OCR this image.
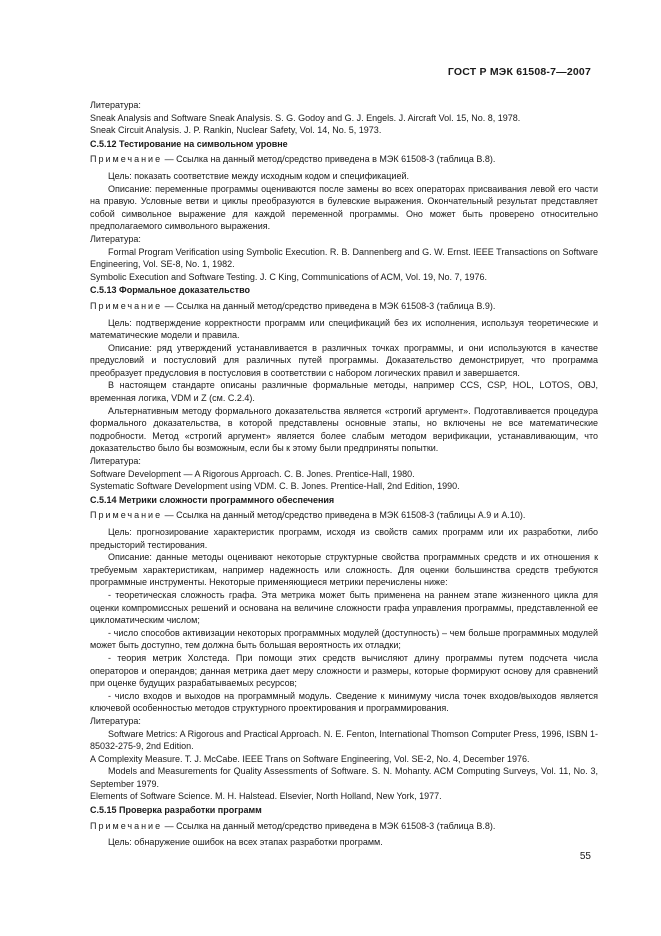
ГОСТ Р МЭК 61508-7—2007

Литература:

Sneak Analysis and Software Sneak Analysis. S. G. Godoy and G. J. Engels. J. Aircraft Vol. 15, No. 8, 1978.

Sneak Circuit Analysis. J. P. Rankin, Nuclear Safety, Vol. 14, No. 5, 1973.

С.5.12 Тестирование на символьном уровне

Примечание — Ссылка на данный метод/средство приведена в МЭК 61508-3 (таблица В.8).

Цель: показать соответствие между исходным кодом и спецификацией.

Описание: переменные программы оцениваются после замены во всех операторах присваивания левой его части на правую. Условные ветви и циклы преобразуются в булевские выражения. Окончательный результат представляет собой символьное выражение для каждой переменной программы. Оно может быть проверено относительно предполагаемого символьного выражения.

Литература:

Formal Program Verification using Symbolic Execution. R. B. Dannenberg and G. W. Ernst. IEEE Transactions on Software Engineering, Vol. SE-8, No. 1, 1982.

Symbolic Execution and Software Testing. J. C King, Communications of ACM, Vol. 19, No. 7, 1976.

С.5.13 Формальное доказательство

Примечание — Ссылка на данный метод/средство приведена в МЭК 61508-3 (таблица В.9).

Цель: подтверждение корректности программ или спецификаций без их исполнения, используя теоретические и математические модели и правила.

Описание: ряд утверждений устанавливается в различных точках программы, и они используются в качестве предусловий и постусловий для различных путей программы. Доказательство демонстрирует, что программа преобразует предусловия в постусловия в соответствии с набором логических правил и завершается.

В настоящем стандарте описаны различные формальные методы, например CCS, CSP, HOL, LOTOS, OBJ, временная логика, VDM и Z (см. С.2.4).

Альтернативным методу формального доказательства является «строгий аргумент». Подготавливается процедура формального доказательства, в которой представлены основные этапы, но включены не все математические подробности. Метод «строгий аргумент» является более слабым методом верификации, устанавливающим, что доказательство было бы возможным, если бы к этому были предприняты попытки.

Литература:

Software Development — A Rigorous Approach. C. B. Jones. Prentice-Hall, 1980.

Systematic Software Development using VDM. C. B. Jones. Prentice-Hall, 2nd Edition, 1990.

С.5.14 Метрики сложности программного обеспечения

Примечание — Ссылка на данный метод/средство приведена в МЭК 61508-3 (таблицы А.9 и А.10).

Цель: прогнозирование характеристик программ, исходя из свойств самих программ или их разработки, либо предысторий тестирования.

Описание: данные методы оценивают некоторые структурные свойства программных средств и их отношения к требуемым характеристикам, например надежность или сложность. Для оценки большинства средств требуются программные инструменты. Некоторые применяющиеся метрики перечислены ниже:

- теоретическая сложность графа. Эта метрика может быть применена на раннем этапе жизненного цикла для оценки компромиссных решений и основана на величине сложности графа управления программы, представленной ее цикломатическим числом;

- число способов активизации некоторых программных модулей (доступность) – чем больше программных модулей может быть доступно, тем должна быть большая вероятность их отладки;

- теория метрик Холстеда. При помощи этих средств вычисляют длину программы путем подсчета числа операторов и операндов; данная метрика дает меру сложности и размеры, которые формируют основу для сравнений при оценке будущих разрабатываемых ресурсов;

- число входов и выходов на программный модуль. Сведение к минимуму числа точек входов/выходов является ключевой особенностью методов структурного проектирования и программирования.

Литература:

Software Metrics: A Rigorous and Practical Approach. N. E. Fenton, International Thomson Computer Press, 1996, ISBN 1-85032-275-9, 2nd Edition.

A Complexity Measure. T. J. McCabe. IEEE Trans on Software Engineering, Vol. SE-2, No. 4, December 1976.

Models and Measurements for Quality Assessments of Software. S. N. Mohanty. ACM Computing Surveys, Vol. 11, No. 3, September 1979.

Elements of Software Science. M. H. Halstead. Elsevier, North Holland, New York, 1977.

С.5.15 Проверка разработки программ

Примечание — Ссылка на данный метод/средство приведена в МЭК 61508-3 (таблица В.8).

Цель: обнаружение ошибок на всех этапах разработки программ.

55
